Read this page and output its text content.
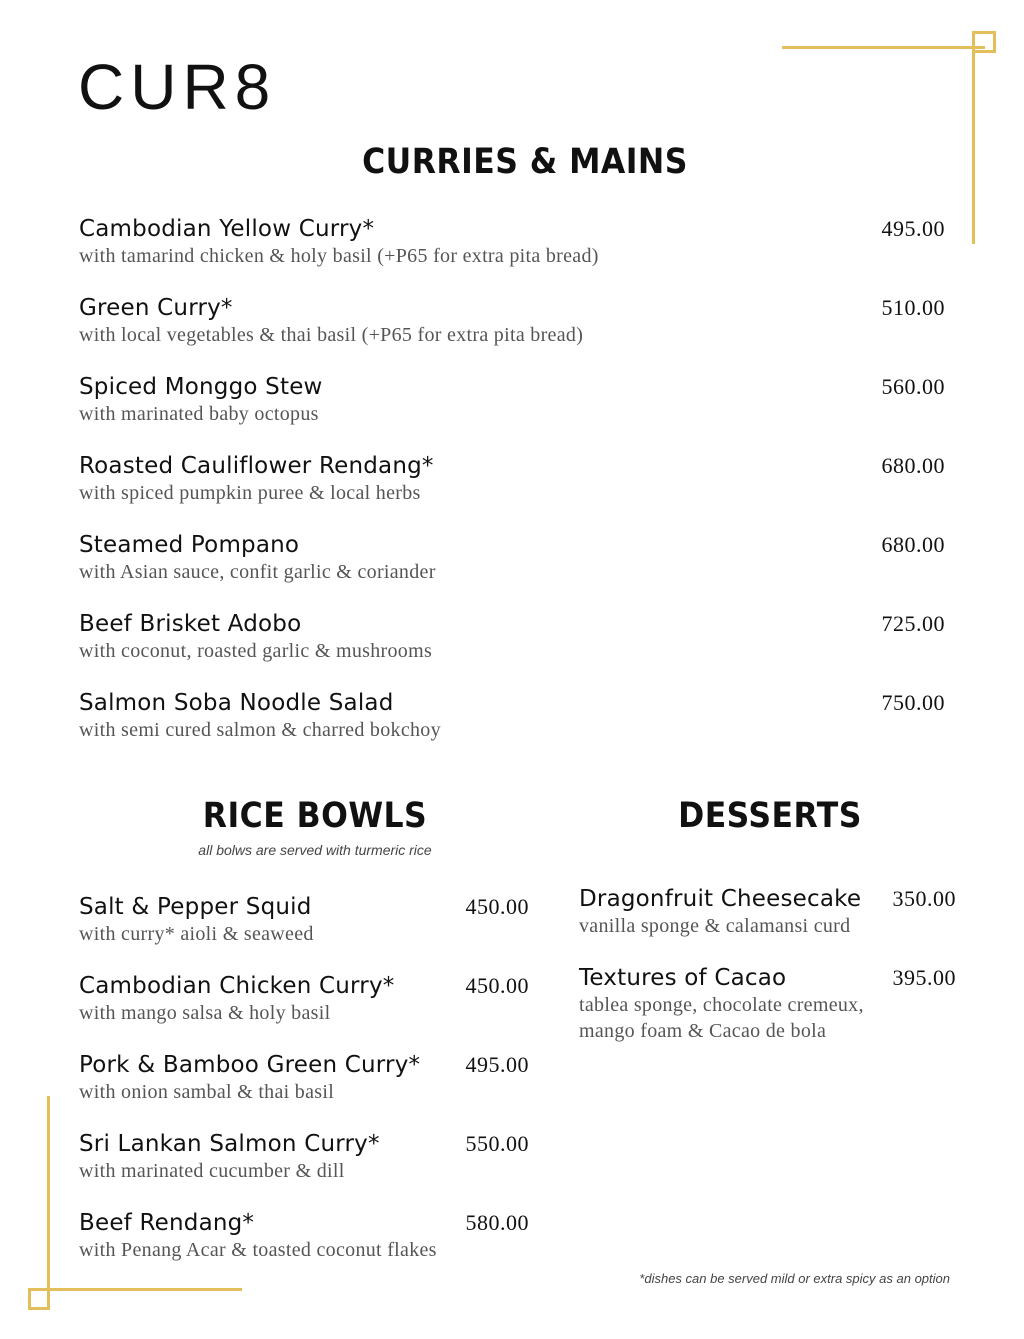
CUR8
CURRIES & MAINS
Cambodian Yellow Curry*
with tamarind chicken & holy basil (+P65 for extra pita bread)
495.00
Green Curry*
with local vegetables & thai basil (+P65 for extra pita bread)
510.00
Spiced Monggo Stew
with marinated baby octopus
560.00
Roasted Cauliflower Rendang*
with spiced pumpkin puree & local herbs
680.00
Steamed Pompano
with Asian sauce, confit garlic & coriander
680.00
Beef Brisket Adobo
with coconut, roasted garlic & mushrooms
725.00
Salmon Soba Noodle Salad
with semi cured salmon & charred bokchoy
750.00
RICE BOWLS

all bolws are served with turmeric rice

Salt & Pepper Squid
with curry* aioli & seaweed
450.00
Cambodian Chicken Curry*
with mango salsa & holy basil
450.00
Pork & Bamboo Green Curry*
with onion sambal & thai basil
495.00
Sri Lankan Salmon Curry*
with marinated cucumber & dill
550.00
Beef Rendang*
with Penang Acar & toasted coconut flakes
580.00
DESSERTS
Dragonfruit Cheesecake
vanilla sponge & calamansi curd
350.00
Textures of Cacao
tablea sponge, chocolate cremeux, mango foam & Cacao de bola
395.00

*dishes can be served mild or extra spicy as an option
